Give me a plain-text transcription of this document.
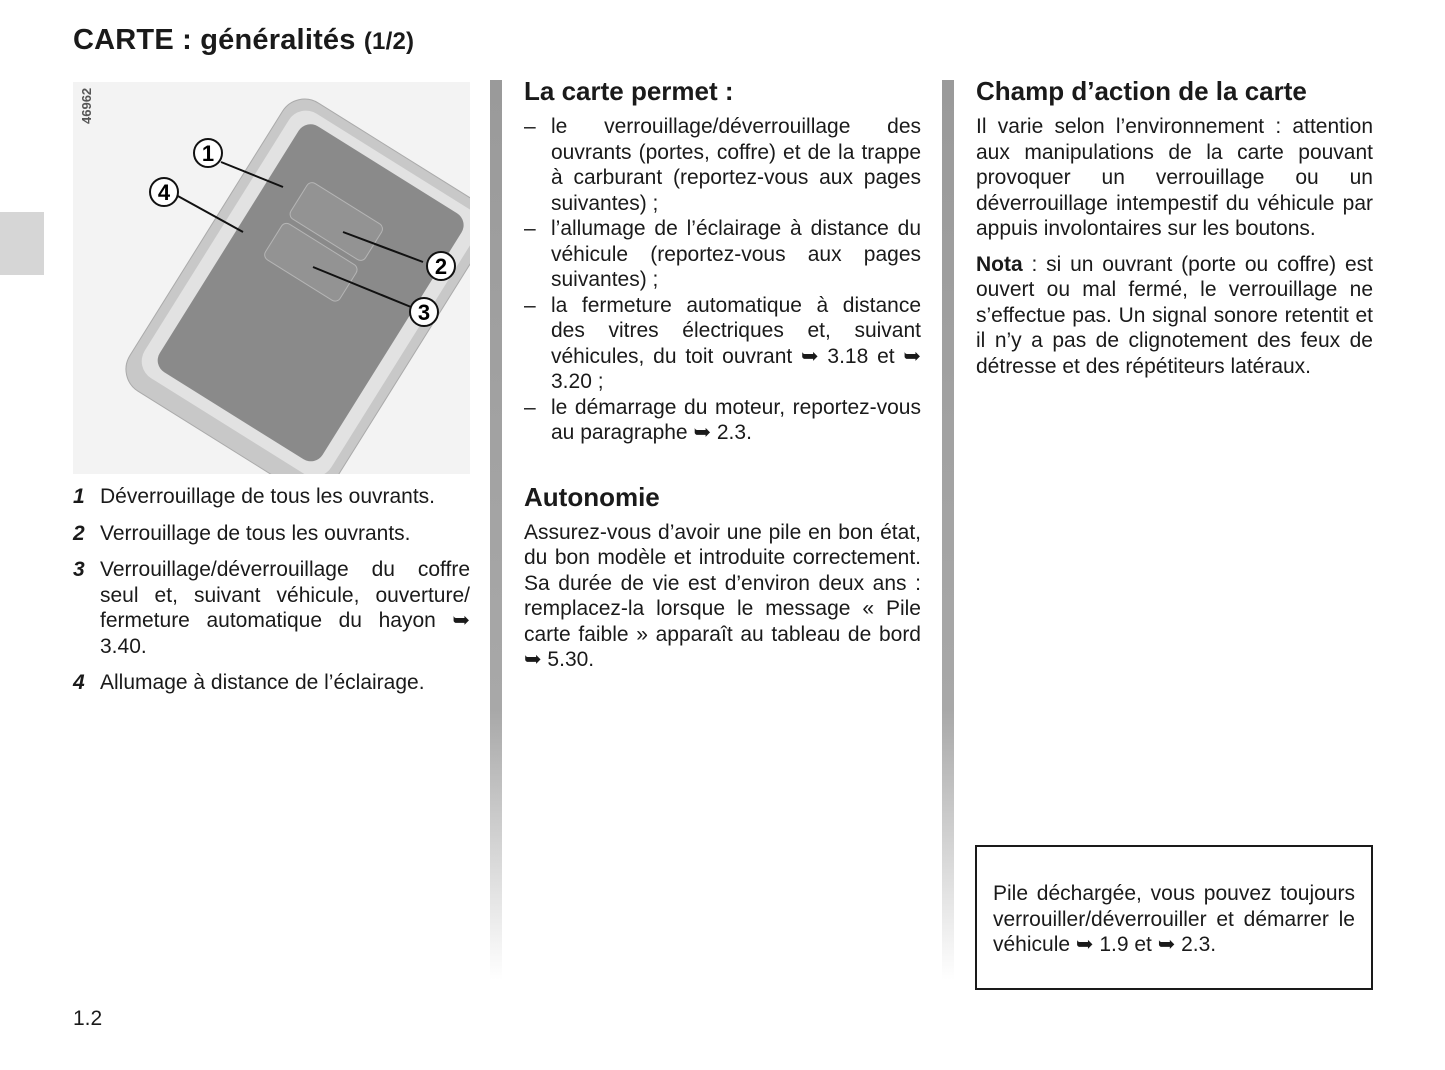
CARTE : généralités (1/2)
46962
1
2
3
4
1 Déverrouillage de tous les ouvrants.
2 Verrouillage de tous les ouvrants.
3 Verrouillage/déverrouillage du coffre seul et, suivant véhicule, ouverture/ fermeture automatique du hayon ➥ 3.40.
4 Allumage à distance de l’éclairage.
La carte permet :
– le verrouillage/déverrouillage des ouvrants (portes, coffre) et de la trappe à carburant (reportez-vous aux pages suivantes) ;
– l’allumage de l’éclairage à distance du véhicule (reportez-vous aux pages suivantes) ;
– la fermeture automatique à distance des vitres électriques et, suivant véhicules, du toit ouvrant ➥ 3.18 et ➥ 3.20 ;
– le démarrage du moteur, reportez-vous au paragraphe ➥ 2.3.
Autonomie

Assurez-vous d’avoir une pile en bon état, du bon modèle et introduite correctement. Sa durée de vie est d’environ deux ans : remplacez-la lorsque le message « Pile carte faible » apparaît au tableau de bord ➥ 5.30.

Champ d’action de la carte

Il varie selon l’environnement : attention aux manipulations de la carte pouvant provoquer un verrouillage ou un déverrouillage intempestif du véhicule par appuis involontaires sur les boutons.

Nota : si un ouvrant (porte ou coffre) est ouvert ou mal fermé, le verrouillage ne s’effectue pas. Un signal sonore retentit et il n’y a pas de clignotement des feux de détresse et des répétiteurs latéraux.

Pile déchargée, vous pouvez toujours verrouiller/déverrouiller et démarrer le véhicule ➥ 1.9 et ➥ 2.3.
1.2
